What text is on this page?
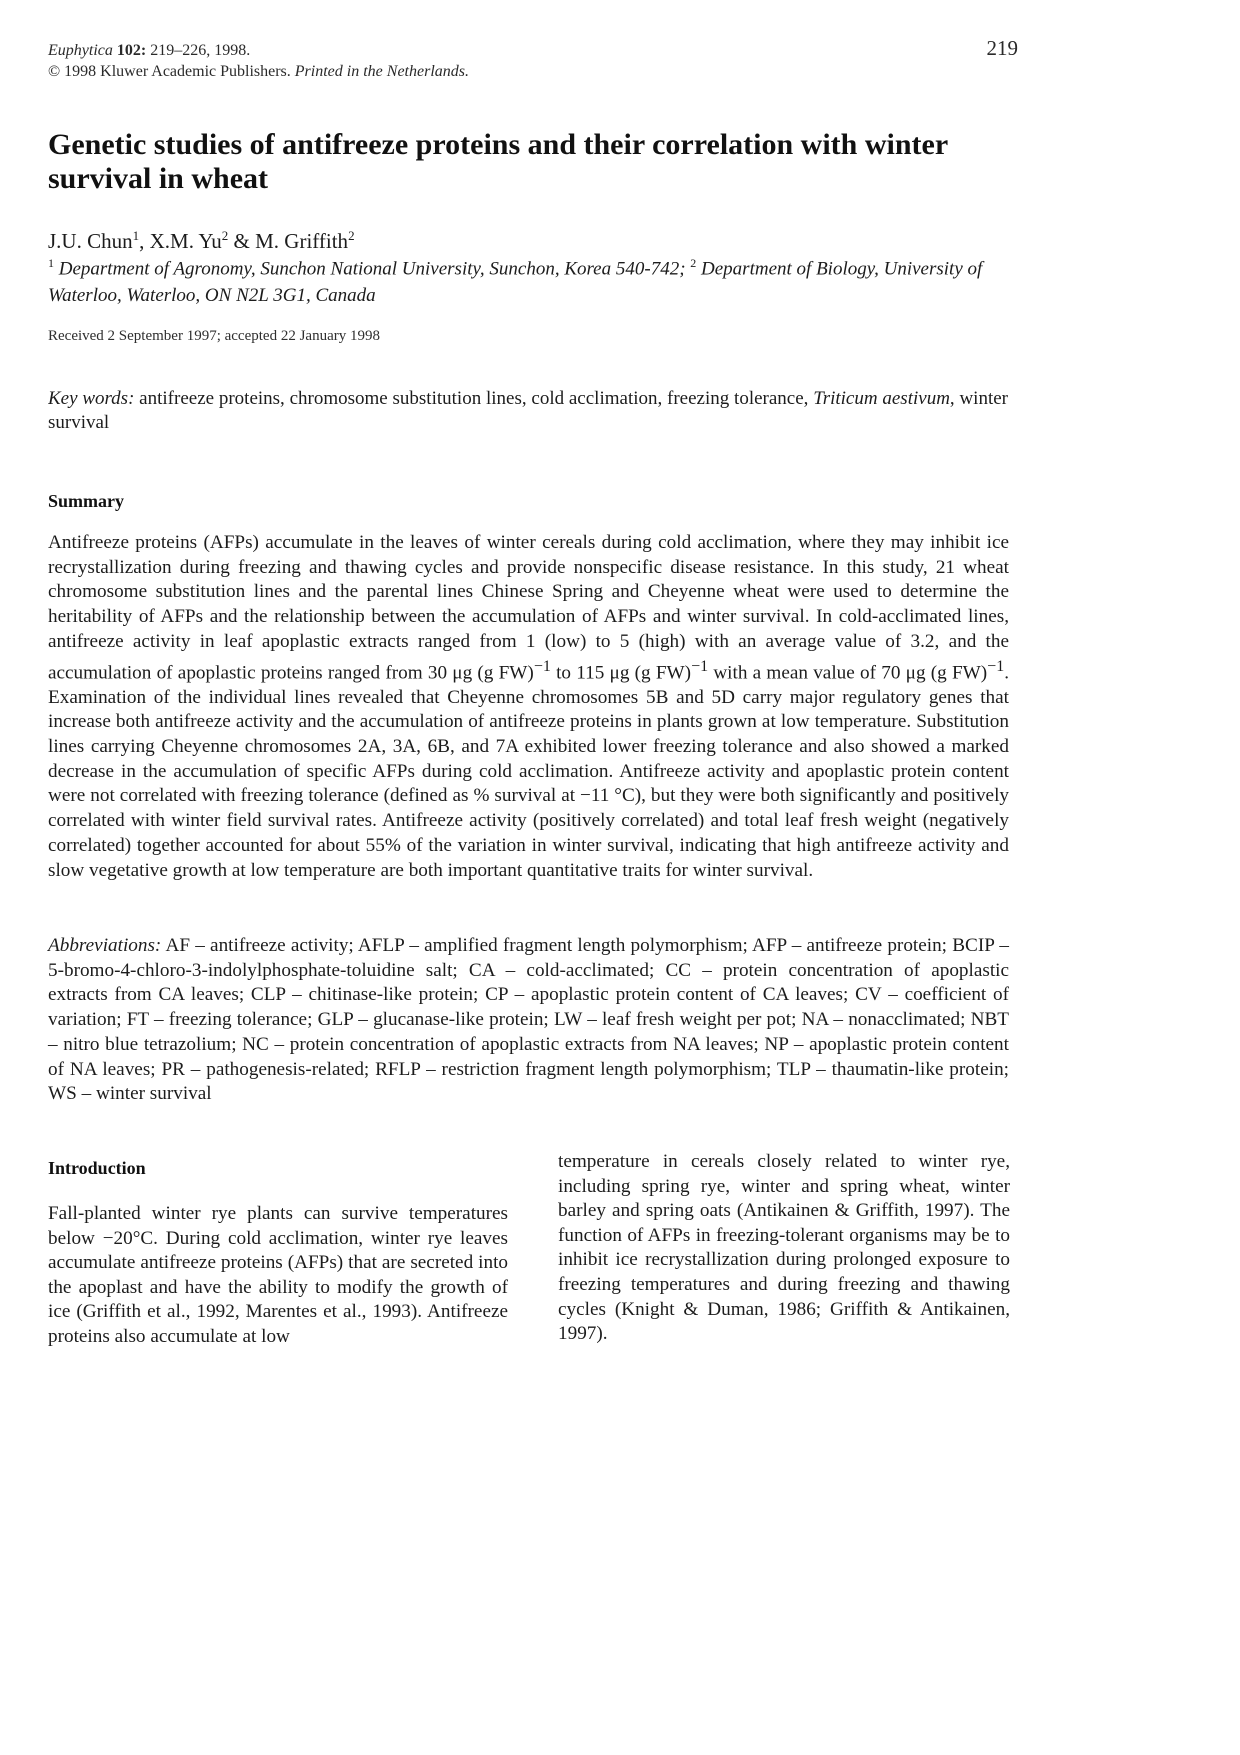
Euphytica 102: 219–226, 1998.
© 1998 Kluwer Academic Publishers. Printed in the Netherlands.
219
Genetic studies of antifreeze proteins and their correlation with winter survival in wheat
J.U. Chun$^1$, X.M. Yu$^2$ & M. Griffith$^2$
$^1$ Department of Agronomy, Sunchon National University, Sunchon, Korea 540-742; $^2$ Department of Biology, University of Waterloo, Waterloo, ON N2L 3G1, Canada
Received 2 September 1997; accepted 22 January 1998
Key words: antifreeze proteins, chromosome substitution lines, cold acclimation, freezing tolerance, Triticum aestivum, winter survival
Summary
Antifreeze proteins (AFPs) accumulate in the leaves of winter cereals during cold acclimation, where they may inhibit ice recrystallization during freezing and thawing cycles and provide nonspecific disease resistance. In this study, 21 wheat chromosome substitution lines and the parental lines Chinese Spring and Cheyenne wheat were used to determine the heritability of AFPs and the relationship between the accumulation of AFPs and winter survival. In cold-acclimated lines, antifreeze activity in leaf apoplastic extracts ranged from 1 (low) to 5 (high) with an average value of 3.2, and the accumulation of apoplastic proteins ranged from 30 μg (g FW)$^{-1}$ to 115 μg (g FW)$^{-1}$ with a mean value of 70 μg (g FW)$^{-1}$. Examination of the individual lines revealed that Cheyenne chromosomes 5B and 5D carry major regulatory genes that increase both antifreeze activity and the accumulation of antifreeze proteins in plants grown at low temperature. Substitution lines carrying Cheyenne chromosomes 2A, 3A, 6B, and 7A exhibited lower freezing tolerance and also showed a marked decrease in the accumulation of specific AFPs during cold acclimation. Antifreeze activity and apoplastic protein content were not correlated with freezing tolerance (defined as % survival at −11 °C), but they were both significantly and positively correlated with winter field survival rates. Antifreeze activity (positively correlated) and total leaf fresh weight (negatively correlated) together accounted for about 55% of the variation in winter survival, indicating that high antifreeze activity and slow vegetative growth at low temperature are both important quantitative traits for winter survival.
Abbreviations: AF – antifreeze activity; AFLP – amplified fragment length polymorphism; AFP – antifreeze protein; BCIP – 5-bromo-4-chloro-3-indolylphosphate-toluidine salt; CA – cold-acclimated; CC – protein concentration of apoplastic extracts from CA leaves; CLP – chitinase-like protein; CP – apoplastic protein content of CA leaves; CV – coefficient of variation; FT – freezing tolerance; GLP – glucanase-like protein; LW – leaf fresh weight per pot; NA – nonacclimated; NBT – nitro blue tetrazolium; NC – protein concentration of apoplastic extracts from NA leaves; NP – apoplastic protein content of NA leaves; PR – pathogenesis-related; RFLP – restriction fragment length polymorphism; TLP – thaumatin-like protein; WS – winter survival
Introduction
Fall-planted winter rye plants can survive temperatures below −20°C. During cold acclimation, winter rye leaves accumulate antifreeze proteins (AFPs) that are secreted into the apoplast and have the ability to modify the growth of ice (Griffith et al., 1992, Marentes et al., 1993). Antifreeze proteins also accumulate at low
temperature in cereals closely related to winter rye, including spring rye, winter and spring wheat, winter barley and spring oats (Antikainen & Griffith, 1997). The function of AFPs in freezing-tolerant organisms may be to inhibit ice recrystallization during prolonged exposure to freezing temperatures and during freezing and thawing cycles (Knight & Duman, 1986; Griffith & Antikainen, 1997).
